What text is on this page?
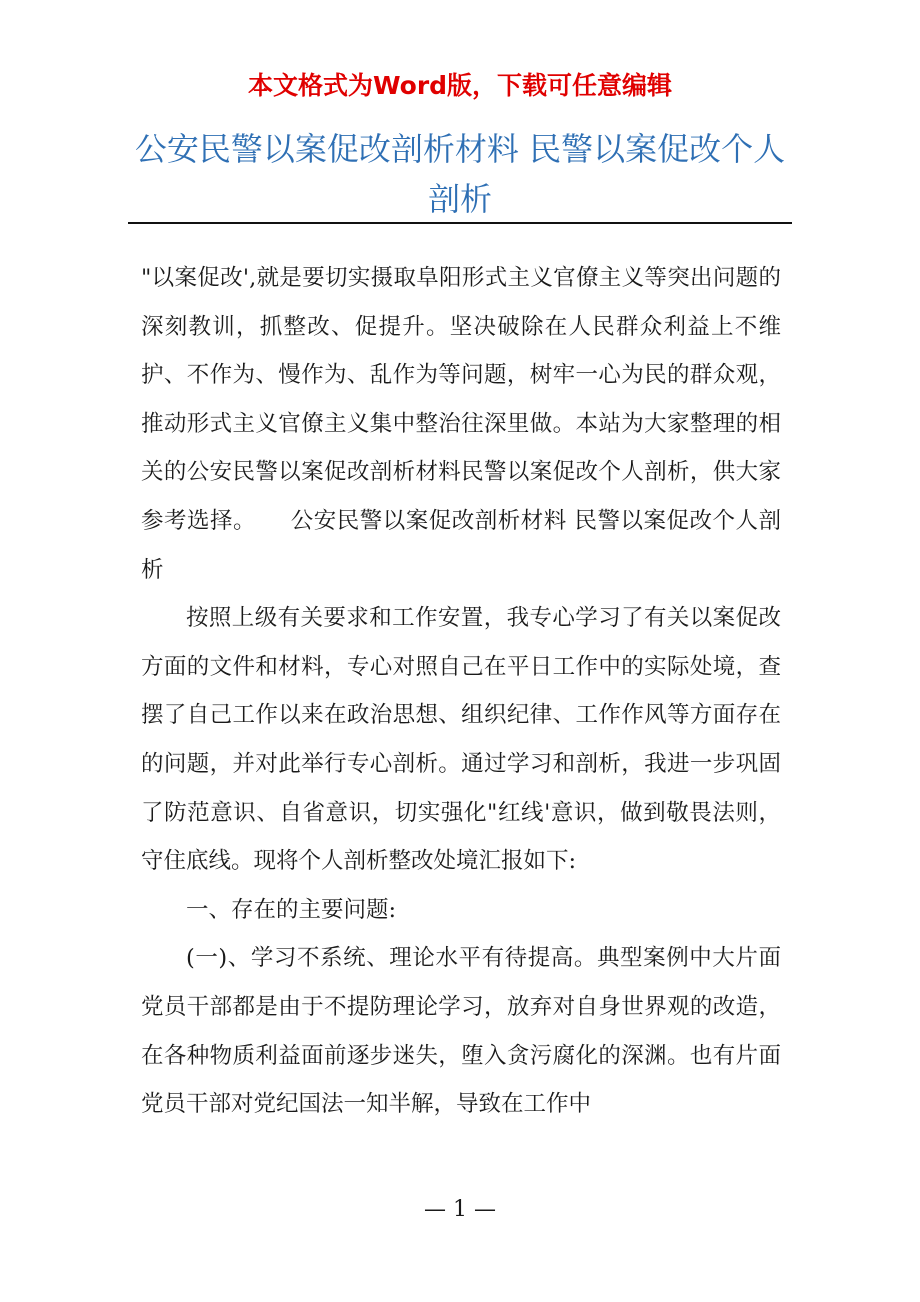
本文格式为Word版，下载可任意编辑
公安民警以案促改剖析材料 民警以案促改个人剖析

"以案促改',就是要切实摄取阜阳形式主义官僚主义等突出问题的深刻教训，抓整改、促提升。坚决破除在人民群众利益上不维护、不作为、慢作为、乱作为等问题，树牢一心为民的群众观，推动形式主义官僚主义集中整治往深里做。本站为大家整理的相关的公安民警以案促改剖析材料民警以案促改个人剖析，供大家参考选择。　　公安民警以案促改剖析材料 民警以案促改个人剖析

按照上级有关要求和工作安置，我专心学习了有关以案促改方面的文件和材料，专心对照自己在平日工作中的实际处境，查摆了自己工作以来在政治思想、组织纪律、工作作风等方面存在的问题，并对此举行专心剖析。通过学习和剖析，我进一步巩固了防范意识、自省意识，切实强化"红线'意识，做到敬畏法则，守住底线。现将个人剖析整改处境汇报如下:

一、存在的主要问题:

(一)、学习不系统、理论水平有待提高。典型案例中大片面党员干部都是由于不提防理论学习，放弃对自身世界观的改造，在各种物质利益面前逐步迷失，堕入贪污腐化的深渊。也有片面党员干部对党纪国法一知半解，导致在工作中

— 1 —
